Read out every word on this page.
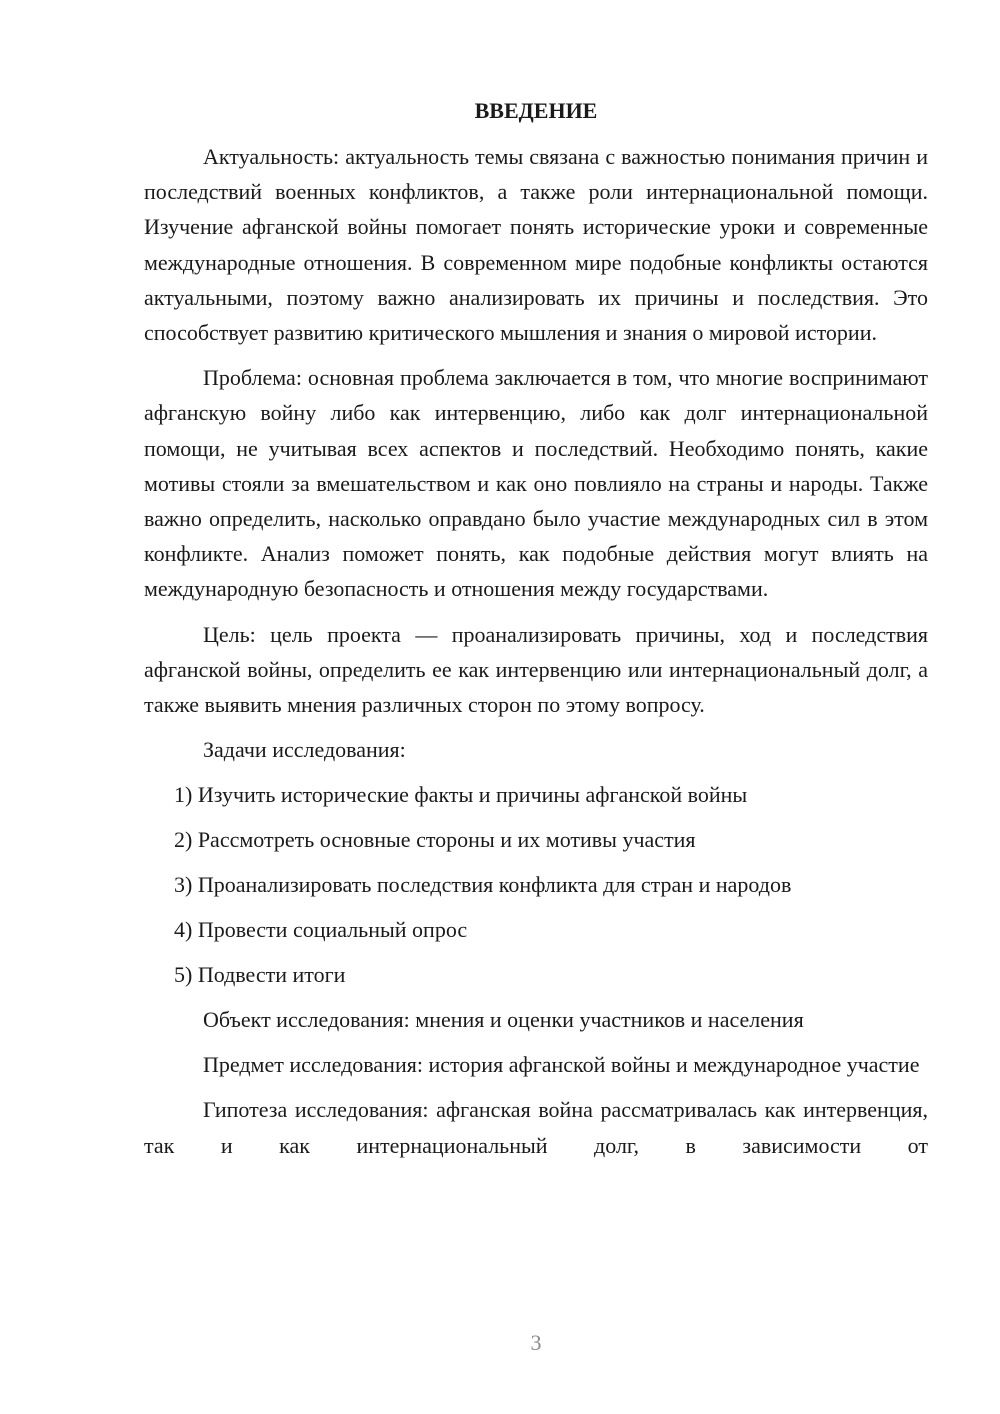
ВВЕДЕНИЕ

Актуальность: актуальность темы связана с важностью понимания причин и последствий военных конфликтов, а также роли интернациональной помощи. Изучение афганской войны помогает понять исторические уроки и современные международные отношения. В современном мире подобные конфликты остаются актуальными, поэтому важно анализировать их причины и последствия. Это способствует развитию критического мышления и знания о мировой истории.

Проблема: основная проблема заключается в том, что многие воспринимают афганскую войну либо как интервенцию, либо как долг интернациональной помощи, не учитывая всех аспектов и последствий. Необходимо понять, какие мотивы стояли за вмешательством и как оно повлияло на страны и народы. Также важно определить, насколько оправдано было участие международных сил в этом конфликте. Анализ поможет понять, как подобные действия могут влиять на международную безопасность и отношения между государствами.

Цель: цель проекта — проанализировать причины, ход и последствия афганской войны, определить ее как интервенцию или интернациональный долг, а также выявить мнения различных сторон по этому вопросу.

Задачи исследования:

1) Изучить исторические факты и причины афганской войны
2) Рассмотреть основные стороны и их мотивы участия
3) Проанализировать последствия конфликта для стран и народов
4) Провести социальный опрос
5) Подвести итоги

Объект исследования: мнения и оценки участников и населения

Предмет исследования: история афганской войны и международное участие

Гипотеза исследования: афганская война рассматривалась как интервенция, так и как интернациональный долг, в зависимости от

3
